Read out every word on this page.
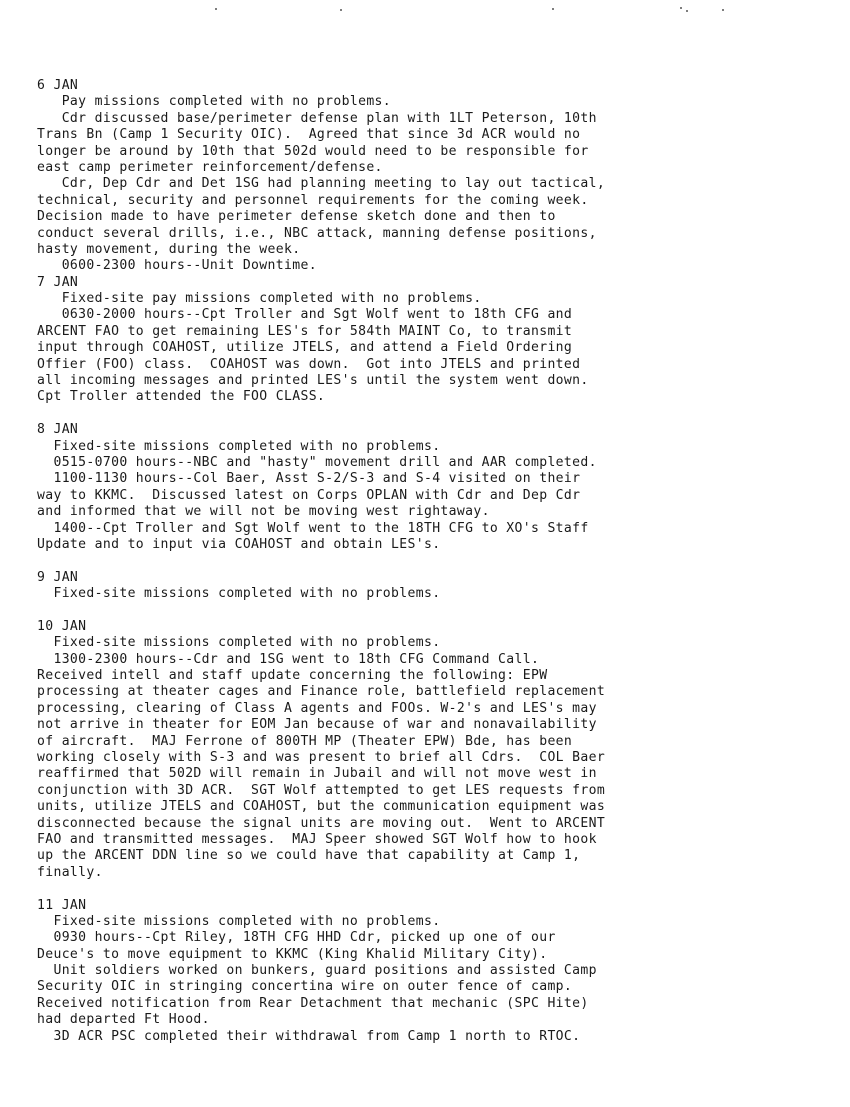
6 JAN
Pay missions completed with no problems.
Cdr discussed base/perimeter defense plan with 1LT Peterson, 10th
Trans Bn (Camp 1 Security OIC).  Agreed that since 3d ACR would no
longer be around by 10th that 502d would need to be responsible for
east camp perimeter reinforcement/defense.
Cdr, Dep Cdr and Det 1SG had planning meeting to lay out tactical,
technical, security and personnel requirements for the coming week.
Decision made to have perimeter defense sketch done and then to
conduct several drills, i.e., NBC attack, manning defense positions,
hasty movement, during the week.
0600-2300 hours--Unit Downtime.
7 JAN
Fixed-site pay missions completed with no problems.
0630-2000 hours--Cpt Troller and Sgt Wolf went to 18th CFG and
ARCENT FAO to get remaining LES's for 584th MAINT Co, to transmit
input through COAHOST, utilize JTELS, and attend a Field Ordering
Offier (FOO) class.  COAHOST was down.  Got into JTELS and printed
all incoming messages and printed LES's until the system went down.
Cpt Troller attended the FOO CLASS.
8 JAN
Fixed-site missions completed with no problems.
0515-0700 hours--NBC and "hasty" movement drill and AAR completed.
1100-1130 hours--Col Baer, Asst S-2/S-3 and S-4 visited on their
way to KKMC.  Discussed latest on Corps OPLAN with Cdr and Dep Cdr
and informed that we will not be moving west rightaway.
1400--Cpt Troller and Sgt Wolf went to the 18TH CFG to XO's Staff
Update and to input via COAHOST and obtain LES's.
9 JAN
Fixed-site missions completed with no problems.
10 JAN
Fixed-site missions completed with no problems.
1300-2300 hours--Cdr and 1SG went to 18th CFG Command Call.
Received intell and staff update concerning the following: EPW
processing at theater cages and Finance role, battlefield replacement
processing, clearing of Class A agents and FOOs. W-2's and LES's may
not arrive in theater for EOM Jan because of war and nonavailability
of aircraft.  MAJ Ferrone of 800TH MP (Theater EPW) Bde, has been
working closely with S-3 and was present to brief all Cdrs.  COL Baer
reaffirmed that 502D will remain in Jubail and will not move west in
conjunction with 3D ACR.  SGT Wolf attempted to get LES requests from
units, utilize JTELS and COAHOST, but the communication equipment was
disconnected because the signal units are moving out.  Went to ARCENT
FAO and transmitted messages.  MAJ Speer showed SGT Wolf how to hook
up the ARCENT DDN line so we could have that capability at Camp 1,
finally.
11 JAN
Fixed-site missions completed with no problems.
0930 hours--Cpt Riley, 18TH CFG HHD Cdr, picked up one of our
Deuce's to move equipment to KKMC (King Khalid Military City).
Unit soldiers worked on bunkers, guard positions and assisted Camp
Security OIC in stringing concertina wire on outer fence of camp.
Received notification from Rear Detachment that mechanic (SPC Hite)
had departed Ft Hood.
3D ACR PSC completed their withdrawal from Camp 1 north to RTOC.
